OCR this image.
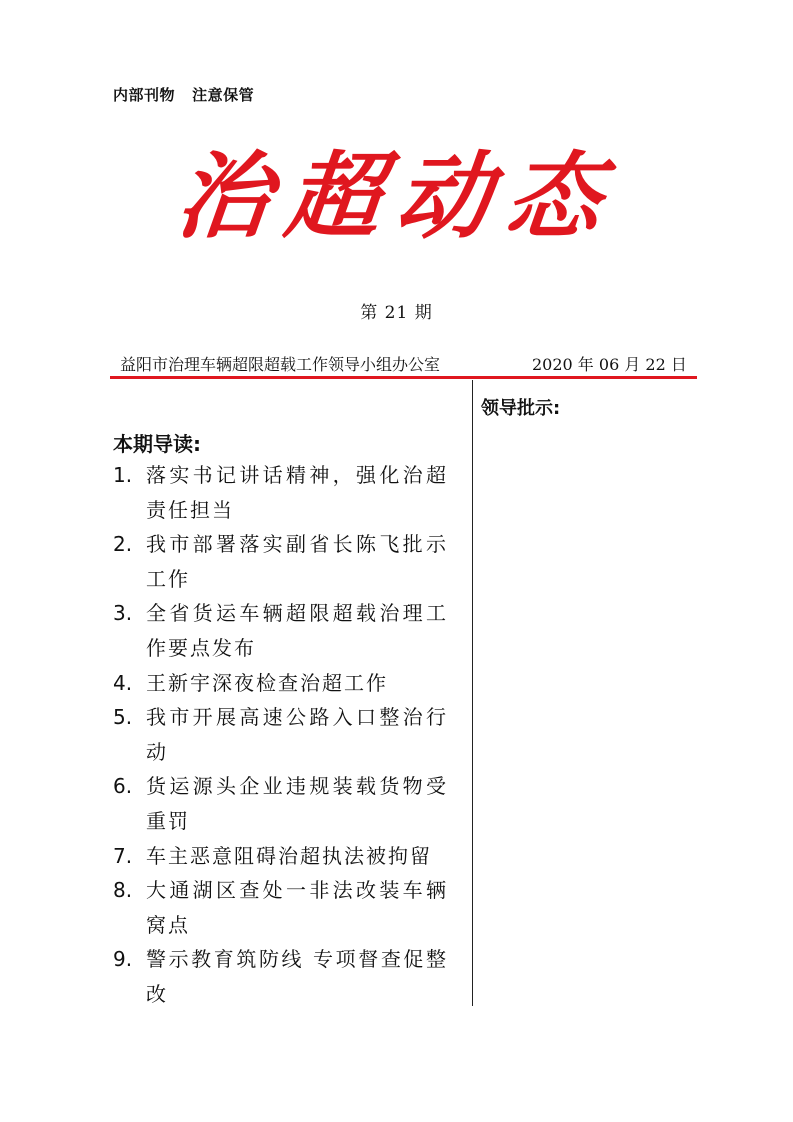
内部刊物   注意保管
治超动态
第 21 期
益阳市治理车辆超限超载工作领导小组办公室	2020 年 06 月 22 日
领导批示:
本期导读:
1. 落实书记讲话精神，强化治超责任担当
2. 我市部署落实副省长陈飞批示工作
3. 全省货运车辆超限超载治理工作要点发布
4. 王新宇深夜检查治超工作
5. 我市开展高速公路入口整治行动
6. 货运源头企业违规装载货物受重罚
7. 车主恶意阻碍治超执法被拘留
8. 大通湖区查处一非法改装车辆窝点
9. 警示教育筑防线 专项督查促整改
